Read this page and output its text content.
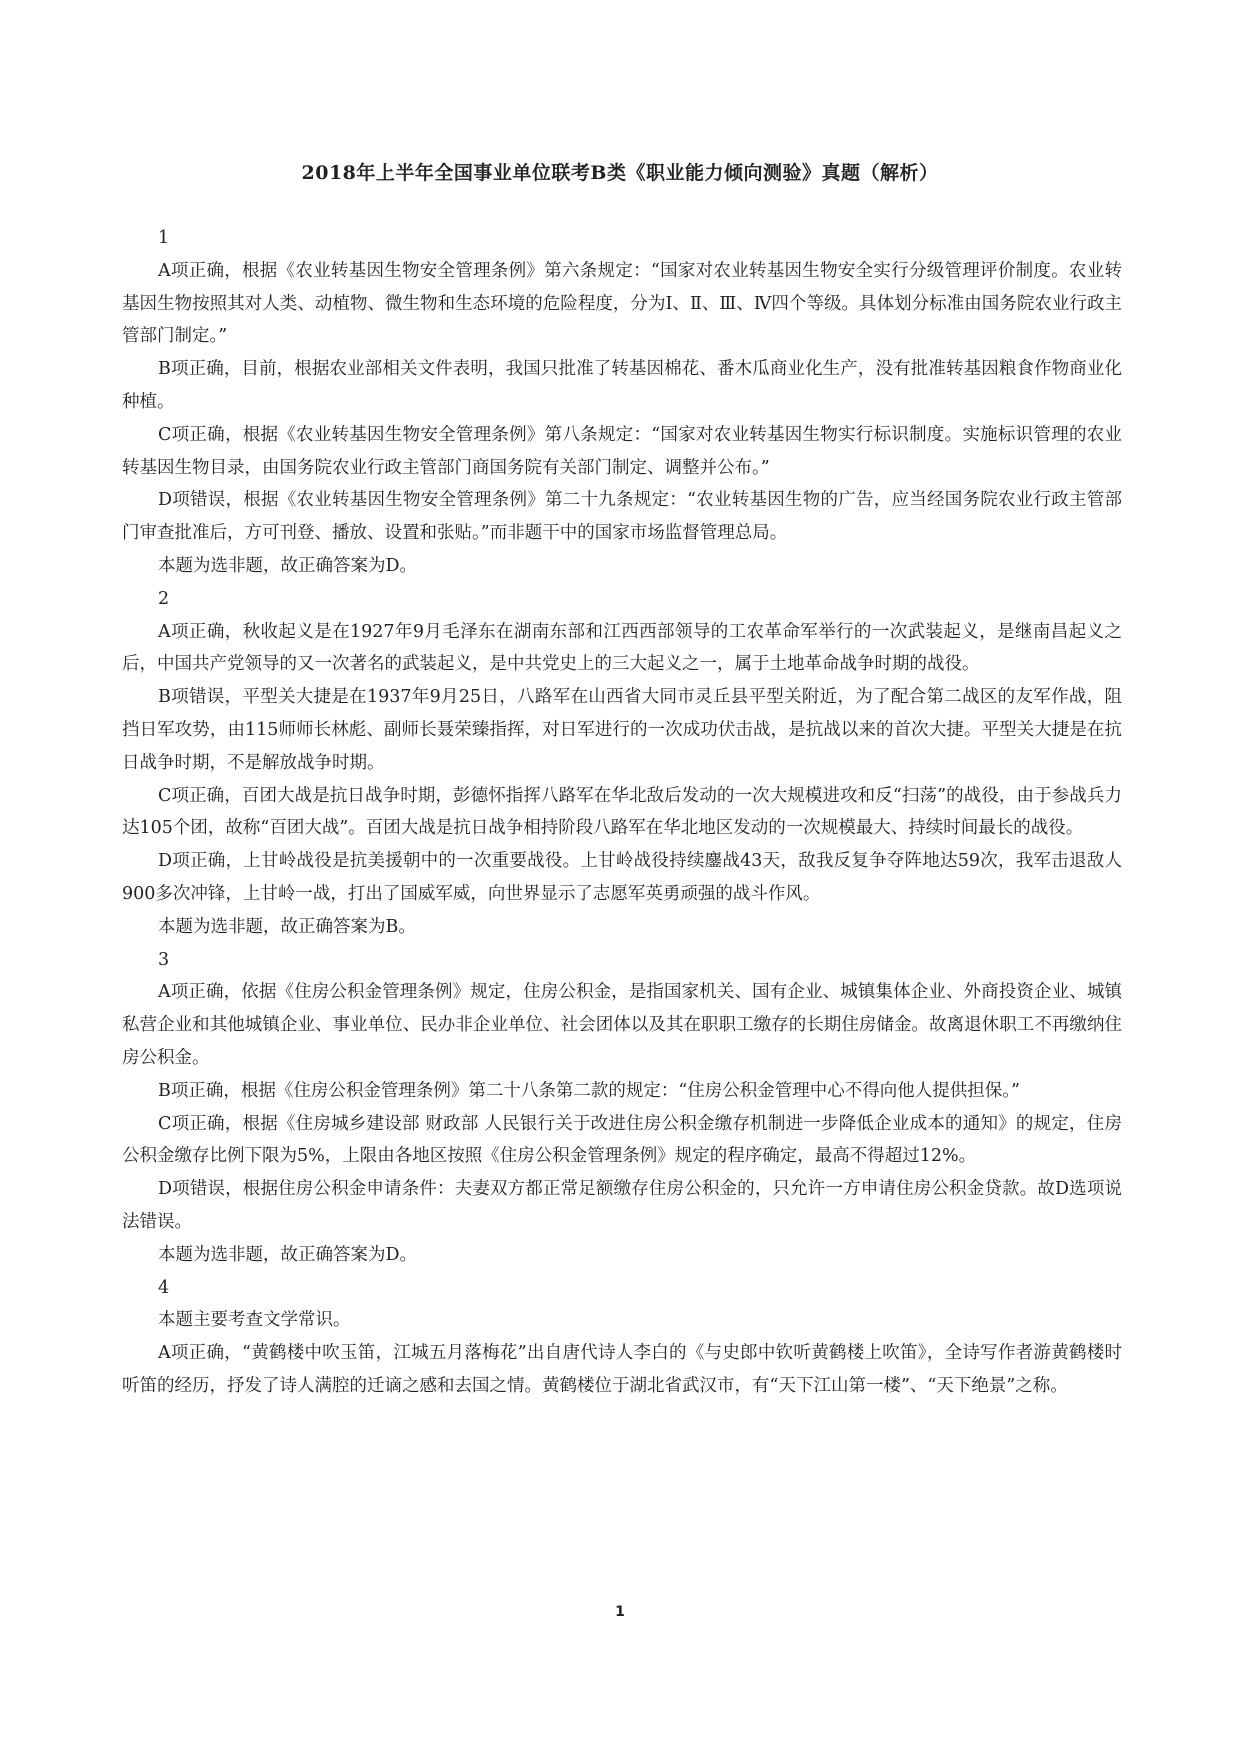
2018年上半年全国事业单位联考B类《职业能力倾向测验》真题（解析）

1

A项正确，根据《农业转基因生物安全管理条例》第六条规定：“国家对农业转基因生物安全实行分级管理评价制度。农业转基因生物按照其对人类、动植物、微生物和生态环境的危险程度，分为Ⅰ、Ⅱ、Ⅲ、Ⅳ四个等级。具体划分标准由国务院农业行政主管部门制定。”

B项正确，目前，根据农业部相关文件表明，我国只批准了转基因棉花、番木瓜商业化生产，没有批准转基因粮食作物商业化种植。

C项正确，根据《农业转基因生物安全管理条例》第八条规定：“国家对农业转基因生物实行标识制度。实施标识管理的农业转基因生物目录，由国务院农业行政主管部门商国务院有关部门制定、调整并公布。”

D项错误，根据《农业转基因生物安全管理条例》第二十九条规定：“农业转基因生物的广告，应当经国务院农业行政主管部门审查批准后，方可刊登、播放、设置和张贴。”而非题干中的国家市场监督管理总局。

本题为选非题，故正确答案为D。

2

A项正确，秋收起义是在1927年9月毛泽东在湖南东部和江西西部领导的工农革命军举行的一次武装起义，是继南昌起义之后，中国共产党领导的又一次著名的武装起义，是中共党史上的三大起义之一，属于土地革命战争时期的战役。

B项错误，平型关大捷是在1937年9月25日，八路军在山西省大同市灵丘县平型关附近，为了配合第二战区的友军作战，阻挡日军攻势，由115师师长林彪、副师长聂荣臻指挥，对日军进行的一次成功伏击战，是抗战以来的首次大捷。平型关大捷是在抗日战争时期，不是解放战争时期。

C项正确，百团大战是抗日战争时期，彭德怀指挥八路军在华北敌后发动的一次大规模进攻和反“扫荡”的战役，由于参战兵力达105个团，故称“百团大战”。百团大战是抗日战争相持阶段八路军在华北地区发动的一次规模最大、持续时间最长的战役。

D项正确，上甘岭战役是抗美援朝中的一次重要战役。上甘岭战役持续鏖战43天，敌我反复争夺阵地达59次，我军击退敌人900多次冲锋，上甘岭一战，打出了国威军威，向世界显示了志愿军英勇顽强的战斗作风。

本题为选非题，故正确答案为B。

3

A项正确，依据《住房公积金管理条例》规定，住房公积金，是指国家机关、国有企业、城镇集体企业、外商投资企业、城镇私营企业和其他城镇企业、事业单位、民办非企业单位、社会团体以及其在职职工缴存的长期住房储金。故离退休职工不再缴纳住房公积金。

B项正确，根据《住房公积金管理条例》第二十八条第二款的规定：“住房公积金管理中心不得向他人提供担保。”

C项正确，根据《住房城乡建设部 财政部 人民银行关于改进住房公积金缴存机制进一步降低企业成本的通知》的规定，住房公积金缴存比例下限为5%，上限由各地区按照《住房公积金管理条例》规定的程序确定，最高不得超过12%。

D项错误，根据住房公积金申请条件：夫妻双方都正常足额缴存住房公积金的，只允许一方申请住房公积金贷款。故D选项说法错误。

本题为选非题，故正确答案为D。

4

本题主要考查文学常识。

A项正确，“黄鹤楼中吹玉笛，江城五月落梅花”出自唐代诗人李白的《与史郎中钦听黄鹤楼上吹笛》，全诗写作者游黄鹤楼时听笛的经历，抒发了诗人满腔的迁谪之感和去国之情。黄鹤楼位于湖北省武汉市，有“天下江山第一楼”、“天下绝景”之称。

1
